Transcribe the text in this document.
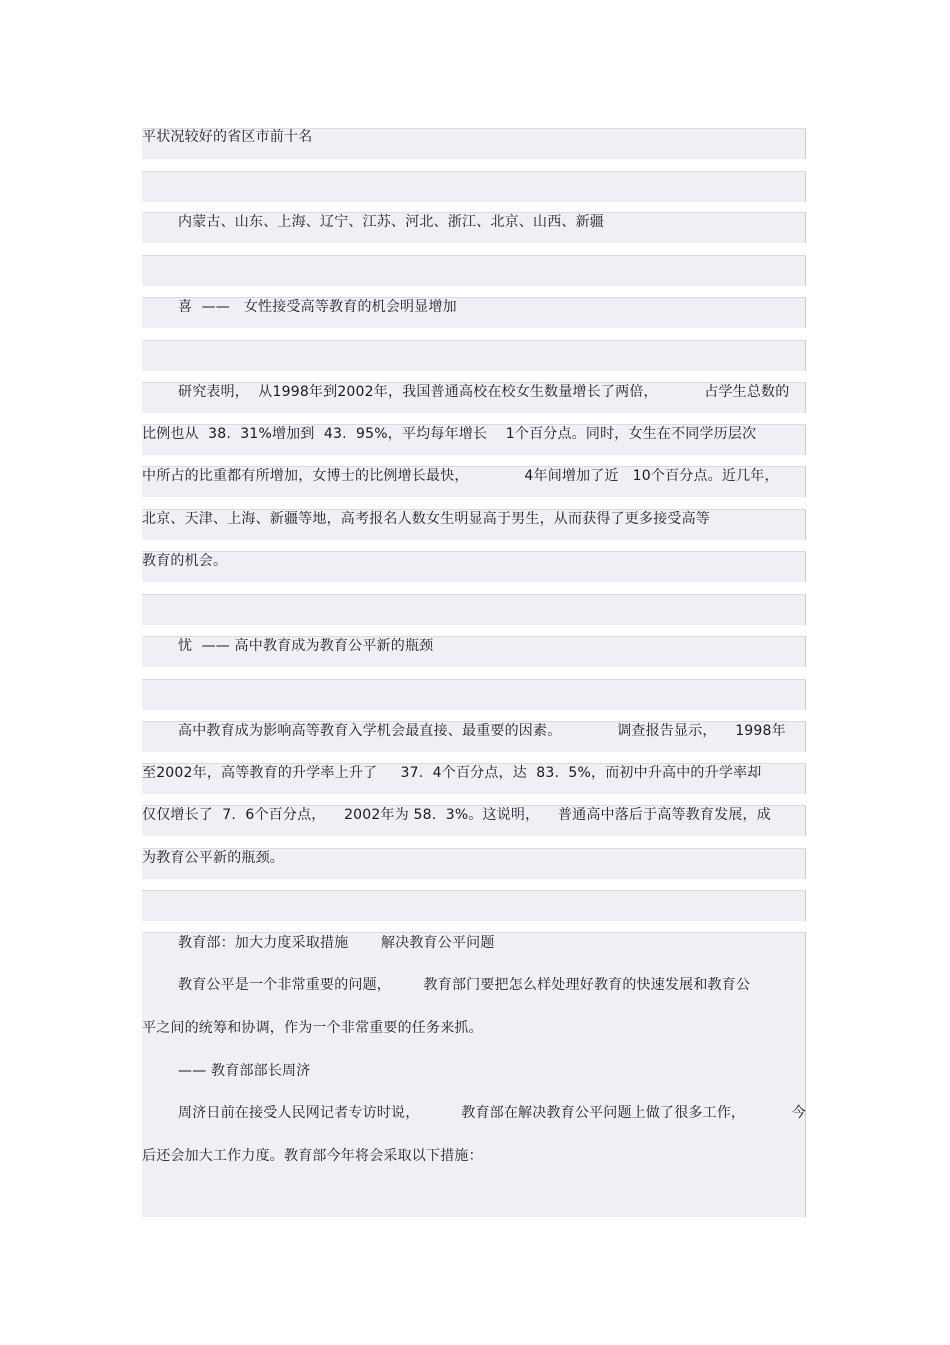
平状况较好的省区市前十名
内蒙古、山东、上海、辽宁、江苏、河北、浙江、北京、山西、新疆
喜  ——   女性接受高等教育的机会明显增加
研究表明，  从1998年到2002年，我国普通高校在校女生数量增长了两倍，          占学生总数的
比例也从  38.  31%增加到  43.  95%，平均每年增长    1个百分点。同时，女生在不同学历层次
中所占的比重都有所增加，女博士的比例增长最快，            4年间增加了近   10个百分点。近几年，
北京、天津、上海、新疆等地，高考报名人数女生明显高于男生，从而获得了更多接受高等
教育的机会。
忧  —— 高中教育成为教育公平新的瓶颈
高中教育成为影响高等教育入学机会最直接、最重要的因素。            调查报告显示，    1998年
至2002年，高等教育的升学率上升了     37.  4个百分点，达  83.  5%，而初中升高中的升学率却
仅仅增长了  7.  6个百分点，    2002年为 58.  3%。这说明，    普通高中落后于高等教育发展，成
为教育公平新的瓶颈。
教育部：加大力度采取措施       解决教育公平问题
教育公平是一个非常重要的问题，       教育部门要把怎么样处理好教育的快速发展和教育公
平之间的统筹和协调，作为一个非常重要的任务来抓。
—— 教育部部长周济
周济日前在接受人民网记者专访时说，         教育部在解决教育公平问题上做了很多工作，          今
后还会加大工作力度。教育部今年将会采取以下措施：
